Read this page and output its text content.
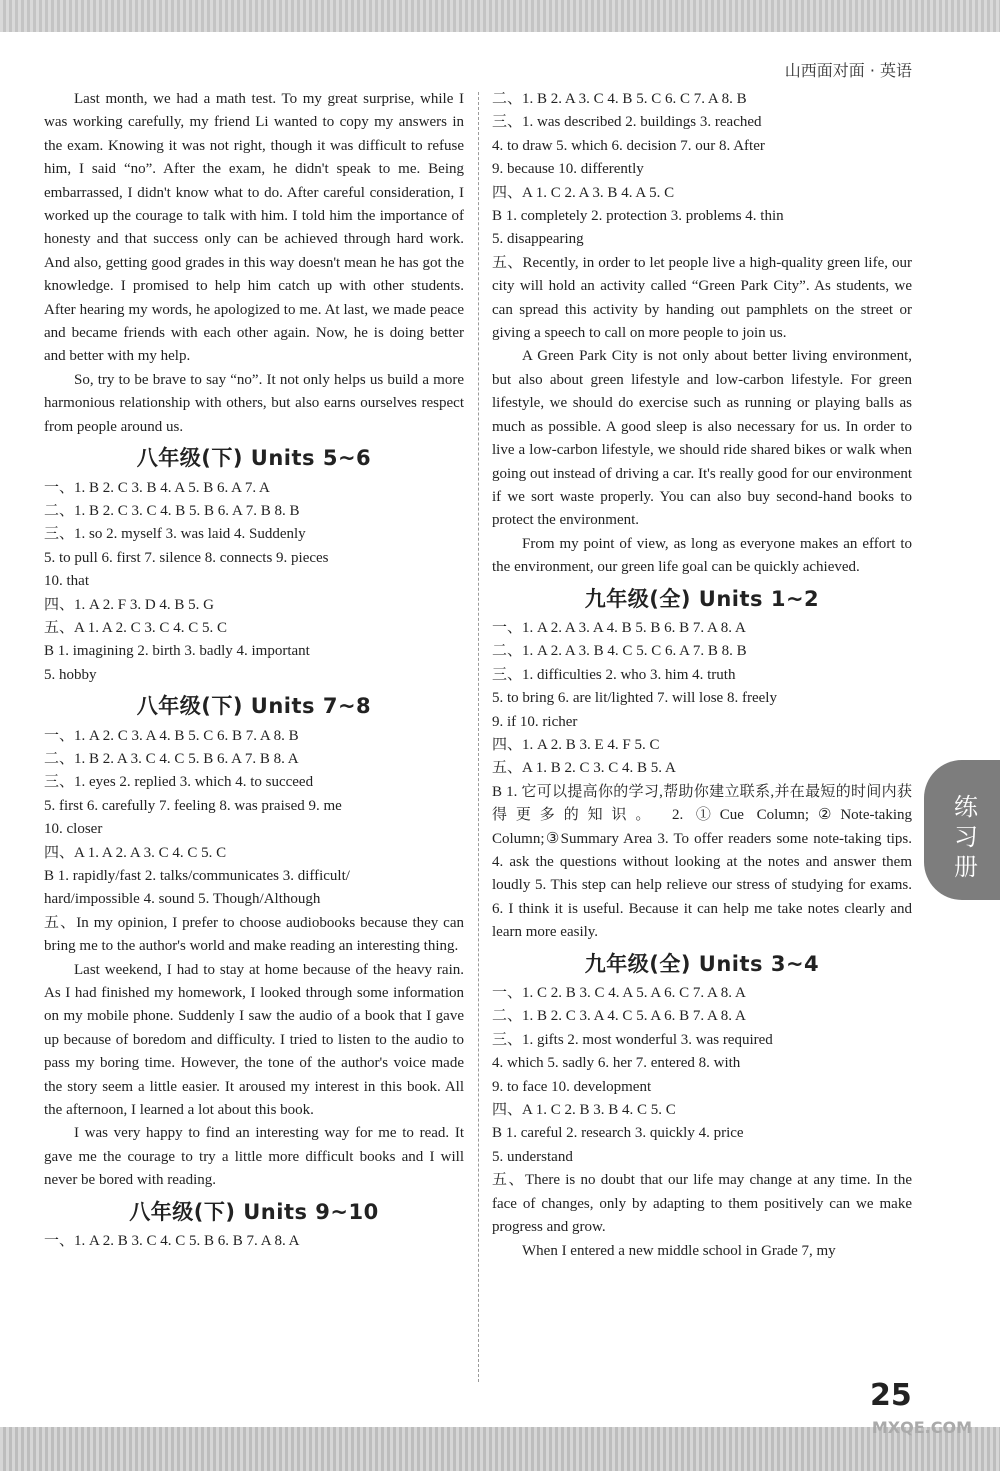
山西面对面 · 英语

Last month, we had a math test. To my great surprise, while I was working carefully, my friend Li wanted to copy my answers in the exam. Knowing it was not right, though it was difficult to refuse him, I said “no”. After the exam, he didn't speak to me. Being embarrassed, I didn't know what to do. After careful consideration, I worked up the courage to talk with him. I told him the importance of honesty and that success only can be achieved through hard work. And also, getting good grades in this way doesn't mean he has got the knowledge. I promised to help him catch up with other students. After hearing my words, he apologized to me. At last, we made peace and became friends with each other again. Now, he is doing better and better with my help.

So, try to be brave to say “no”. It not only helps us build a more harmonious relationship with others, but also earns ourselves respect from people around us.

八年级(下) Units 5~6

一、1. B 2. C 3. B 4. A 5. B 6. A 7. A

二、1. B 2. C 3. C 4. B 5. B 6. A 7. B 8. B

三、1. so 2. myself 3. was laid 4. Suddenly

5. to pull 6. first 7. silence 8. connects 9. pieces

10. that

四、1. A 2. F 3. D 4. B 5. G

五、A 1. A 2. C 3. C 4. C 5. C

B 1. imagining 2. birth 3. badly 4. important

5. hobby

八年级(下) Units 7~8

一、1. A 2. C 3. A 4. B 5. C 6. B 7. A 8. B

二、1. B 2. A 3. C 4. C 5. B 6. A 7. B 8. A

三、1. eyes 2. replied 3. which 4. to succeed

5. first 6. carefully 7. feeling 8. was praised 9. me

10. closer

四、A 1. A 2. A 3. C 4. C 5. C

B 1. rapidly/fast 2. talks/communicates 3. difficult/

hard/impossible 4. sound 5. Though/Although

五、In my opinion, I prefer to choose audiobooks because they can bring me to the author's world and make reading an interesting thing.

Last weekend, I had to stay at home because of the heavy rain. As I had finished my homework, I looked through some information on my mobile phone. Suddenly I saw the audio of a book that I gave up because of boredom and difficulty. I tried to listen to the audio to pass my boring time. However, the tone of the author's voice made the story seem a little easier. It aroused my interest in this book. All the afternoon, I learned a lot about this book.

I was very happy to find an interesting way for me to read. It gave me the courage to try a little more difficult books and I will never be bored with reading.

八年级(下) Units 9~10

一、1. A 2. B 3. C 4. C 5. B 6. B 7. A 8. A

二、1. B 2. A 3. C 4. B 5. C 6. C 7. A 8. B

三、1. was described 2. buildings 3. reached

4. to draw 5. which 6. decision 7. our 8. After

9. because 10. differently

四、A 1. C 2. A 3. B 4. A 5. C

B 1. completely 2. protection 3. problems 4. thin

5. disappearing

五、Recently, in order to let people live a high-quality green life, our city will hold an activity called “Green Park City”. As students, we can spread this activity by handing out pamphlets on the street or giving a speech to call on more people to join us.

A Green Park City is not only about better living environment, but also about green lifestyle and low-carbon lifestyle. For green lifestyle, we should do exercise such as running or playing balls as much as possible. A good sleep is also necessary for us. In order to live a low-carbon lifestyle, we should ride shared bikes or walk when going out instead of driving a car. It's really good for our environment if we sort waste properly. You can also buy second-hand books to protect the environment.

From my point of view, as long as everyone makes an effort to the environment, our green life goal can be quickly achieved.

九年级(全) Units 1~2

一、1. A 2. A 3. A 4. B 5. B 6. B 7. A 8. A

二、1. A 2. A 3. B 4. C 5. C 6. A 7. B 8. B

三、1. difficulties 2. who 3. him 4. truth

5. to bring 6. are lit/lighted 7. will lose 8. freely

9. if 10. richer

四、1. A 2. B 3. E 4. F 5. C

五、A 1. B 2. C 3. C 4. B 5. A

B 1. 它可以提高你的学习,帮助你建立联系,并在最短的时间内获得更多的知识。 2. ①Cue Column;②Note-taking Column;③Summary Area 3. To offer readers some note-taking tips. 4. ask the questions without looking at the notes and answer them loudly 5. This step can help relieve our stress of studying for exams. 6. I think it is useful. Because it can help me take notes clearly and learn more easily.

九年级(全) Units 3~4

一、1. C 2. B 3. C 4. A 5. A 6. C 7. A 8. A

二、1. B 2. C 3. A 4. C 5. A 6. B 7. A 8. A

三、1. gifts 2. most wonderful 3. was required

4. which 5. sadly 6. her 7. entered 8. with

9. to face 10. development

四、A 1. C 2. B 3. B 4. C 5. C

B 1. careful 2. research 3. quickly 4. price

5. understand

五、There is no doubt that our life may change at any time. In the face of changes, only by adapting to them positively can we make progress and grow.

When I entered a new middle school in Grade 7, my

练习册
25
MXQE.COM
